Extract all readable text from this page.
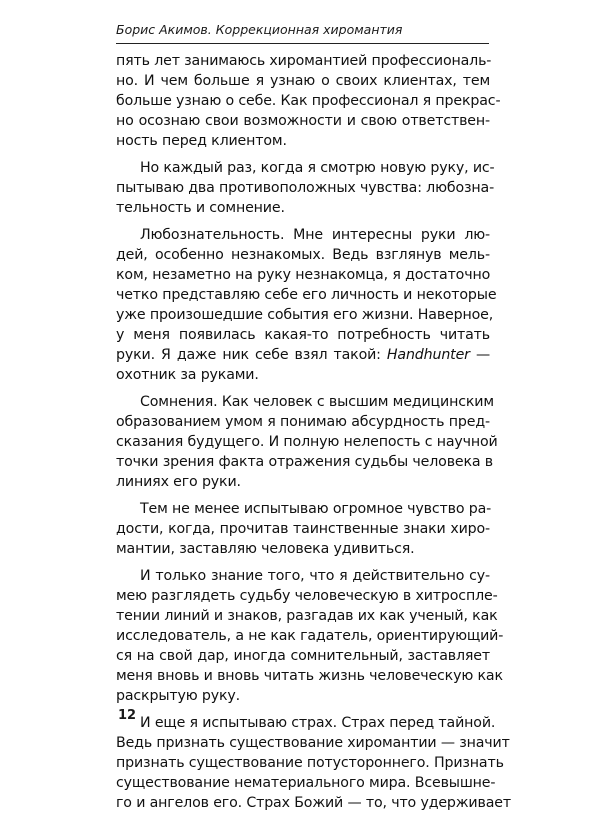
Борис Акимов. Коррекционная хиромантия
пять лет занимаюсь хиромантией профессиональ-
но. И чем больше я узнаю о своих клиентах, тем
больше узнаю о себе. Как профессионал я прекрас-
но осознаю свои возможности и свою ответствен-
ность перед клиентом.
Но каждый раз, когда я смотрю новую руку, ис-
пытываю два противоположных чувства: любозна-
тельность и сомнение.
Любознательность. Мне интересны руки лю-
дей, особенно незнакомых. Ведь взглянув мель-
ком, незаметно на руку незнакомца, я достаточно
четко представляю себе его личность и некоторые
уже произошедшие события его жизни. Наверное,
у меня появилась какая-то потребность читать
руки. Я даже ник себе взял такой: Handhunter —
охотник за руками.
Сомнения. Как человек с высшим медицинским
образованием умом я понимаю абсурдность пред-
сказания будущего. И полную нелепость с научной
точки зрения факта отражения судьбы человека в
линиях его руки.
Тем не менее испытываю огромное чувство ра-
дости, когда, прочитав таинственные знаки хиро-
мантии, заставляю человека удивиться.
И только знание того, что я действительно су-
мею разглядеть судьбу человеческую в хитроспле-
тении линий и знаков, разгадав их как ученый, как
исследователь, а не как гадатель, ориентирующий-
ся на свой дар, иногда сомнительный, заставляет
меня вновь и вновь читать жизнь человеческую как
раскрытую руку.
И еще я испытываю страх. Страх перед тайной.
Ведь признать существование хиромантии — значит
признать существование потустороннего. Признать
существование нематериального мира. Всевышне-
го и ангелов его. Страх Божий — то, что удерживает
12
